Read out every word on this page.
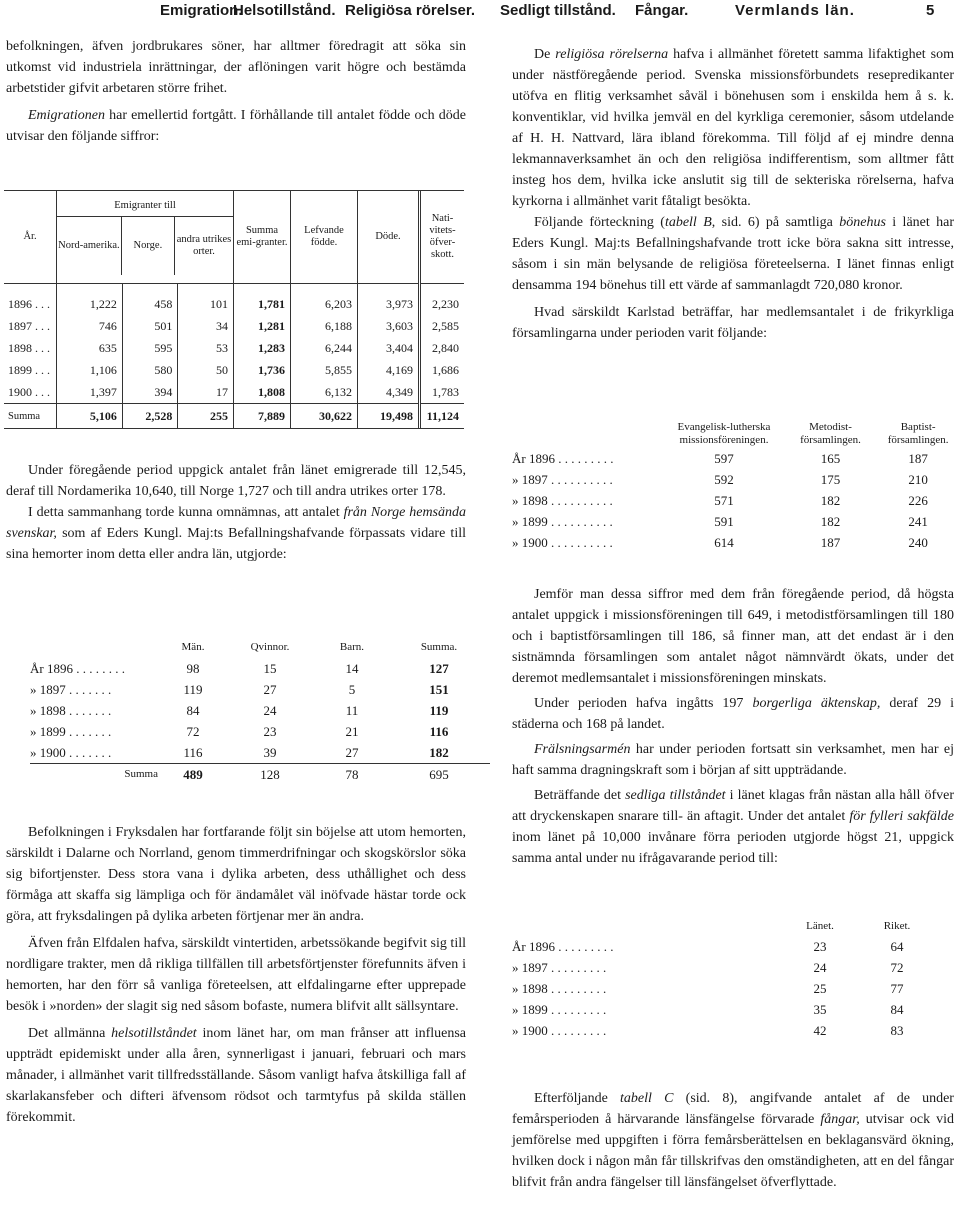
Emigration.
Helsotillstånd. Religiösa rörelser. Sedligt tillstånd. Fångar.	Vermlands län.	5

befolkningen, äfven jordbrukares söner, har alltmer föredragit att söka sin utkomst vid industriela inrättningar, der aflöningen varit högre och bestämda arbetstider gifvit arbetaren större frihet.

Emigrationen har emellertid fortgått. I förhållande till antalet födde och döde utvisar den följande siffror:

År.	Emigranter till
Nord-amerika. Norge.
andra utrikes orter.			Summa emi-granter.	Lefvande födde.	Döde.	Nati-vitets-öfver-skott.

1896 . . .	1,222	458	101	1,781	6,203	3,973	2,230
1897 . . .	746	501	34	1,281	6,188	3,603	2,585
1898 . . .	635	595	53	1,283	6,244	3,404	2,840
1899 . . .	1,106	580	50	1,736	5,855	4,169	1,686
1900 . . .	1,397	394	17	1,808	6,132	4,349	1,783
Summa	5,106	2,528	255	7,889	30,622	19,498	11,124

Under föregående period uppgick antalet från länet emigrerade till 12,545, deraf till Nordamerika 10,640, till Norge 1,727 och till andra utrikes orter 178.

I detta sammanhang torde kunna omnämnas, att antalet från Norge hemsända svenskar, som af Eders Kungl. Maj:ts Befallningshafvande förpassats vidare till sina hemorter inom detta eller andra län, utgjorde:

	Män.	Qvinnor.	Barn.	Summa.
År 1896 . . . . . . . .	98	15	14	127
» 1897 . . . . . . .	119	27	5	151
» 1898 . . . . . . .	84	24	11	119
» 1899 . . . . . . .	72	23	21	116
» 1900 . . . . . . .	116	39	27	182
Summa	489	128	78	695

Befolkningen i Fryksdalen har fortfarande följt sin böjelse att utom hemorten, särskildt i Dalarne och Norrland, genom timmerdrifningar och skogskörslor söka sig bifortjenster. Dess stora vana i dylika arbeten, dess uthållighet och dess förmåga att skaffa sig lämpliga och för ändamålet väl inöfvade hästar torde ock göra, att fryksdalingen på dylika arbeten förtjenar mer än andra.

Äfven från Elfdalen hafva, särskildt vintertiden, arbetssökande begifvit sig till nordligare trakter, men då rikliga tillfällen till arbetsförtjenster förefunnits äfven i hemorten, har den förr så vanliga företeelsen, att elfdalingarne efter upprepade besök i »norden» der slagit sig ned såsom bofaste, numera blifvit allt sällsyntare.

Det allmänna helsotillståndet inom länet har, om man frånser att influensa uppträdt epidemiskt under alla åren, synnerligast i januari, februari och mars månader, i allmänhet varit tillfredsställande. Såsom vanligt hafva åtskilliga fall af skarlakansfeber och difteri äfvensom rödsot och tarmtyfus på skilda ställen förekommit.

De religiösa rörelserna hafva i allmänhet företett samma lifaktighet som under nästföregående period. Svenska missionsförbundets resepredikanter utöfva en flitig verksamhet såväl i bönehusen som i enskilda hem å s. k. konventiklar, vid hvilka jemväl en del kyrkliga ceremonier, såsom utdelande af H. H. Nattvard, lära ibland förekomma. Till följd af ej mindre denna lekmannaverksamhet än och den religiösa indifferentism, som alltmer fått insteg hos dem, hvilka icke anslutit sig till de sekteriska rörelserna, hafva kyrkorna i allmänhet varit fåtaligt besökta.

Följande förteckning (tabell B, sid. 6) på samtliga bönehus i länet har Eders Kungl. Maj:ts Befallningshafvande trott icke böra sakna sitt intresse, såsom i sin män belysande de religiösa företeelserna. I länet finnas enligt densamma 194 bönehus till ett värde af sammanlagdt 720,080 kronor.

Hvad särskildt Karlstad beträffar, har medlemsantalet i de frikyrkliga församlingarna under perioden varit följande:

	Evangelisk-lutherska missionsföreningen.	Metodist-församlingen.	Baptist-församlingen.
År 1896 . . . . . . . . .	597	165	187
» 1897 . . . . . . . . . .	592	175	210
» 1898 . . . . . . . . . .	571	182	226
» 1899 . . . . . . . . . .	591	182	241
» 1900 . . . . . . . . . .	614	187	240

Jemför man dessa siffror med dem från föregående period, då högsta antalet uppgick i missionsföreningen till 649, i metodistförsamlingen till 180 och i baptistförsamlingen till 186, så finner man, att det endast är i den sistnämnda församlingen som antalet något nämnvärdt ökats, under det deremot medlemsantalet i missionsföreningen minskats.

Under perioden hafva ingåtts 197 borgerliga äktenskap, deraf 29 i städerna och 168 på landet.

Frälsningsarmén har under perioden fortsatt sin verksamhet, men har ej haft samma dragningskraft som i början af sitt uppträdande.

Beträffande det sedliga tillståndet i länet klagas från nästan alla håll öfver att dryckenskapen snarare till- än aftagit. Under det antalet för fylleri sakfälde inom länet på 10,000 invånare förra perioden utgjorde högst 21, uppgick samma antal under nu ifrågavarande period till:

	Länet.	Riket.
År 1896 . . . . . . . . .	23	64
» 1897 . . . . . . . . .	24	72
» 1898 . . . . . . . . .	25	77
» 1899 . . . . . . . . .	35	84
» 1900 . . . . . . . . .	42	83

Efterföljande tabell C (sid. 8), angifvande antalet af de under femårsperioden å härvarande länsfängelse förvarade fångar, utvisar ock vid jemförelse med uppgiften i förra femårsberättelsen en beklagansvärd ökning, hvilken dock i någon mån får tillskrifvas den omständigheten, att en del fångar blifvit från andra fängelser till länsfängelset öfverflyttade.
